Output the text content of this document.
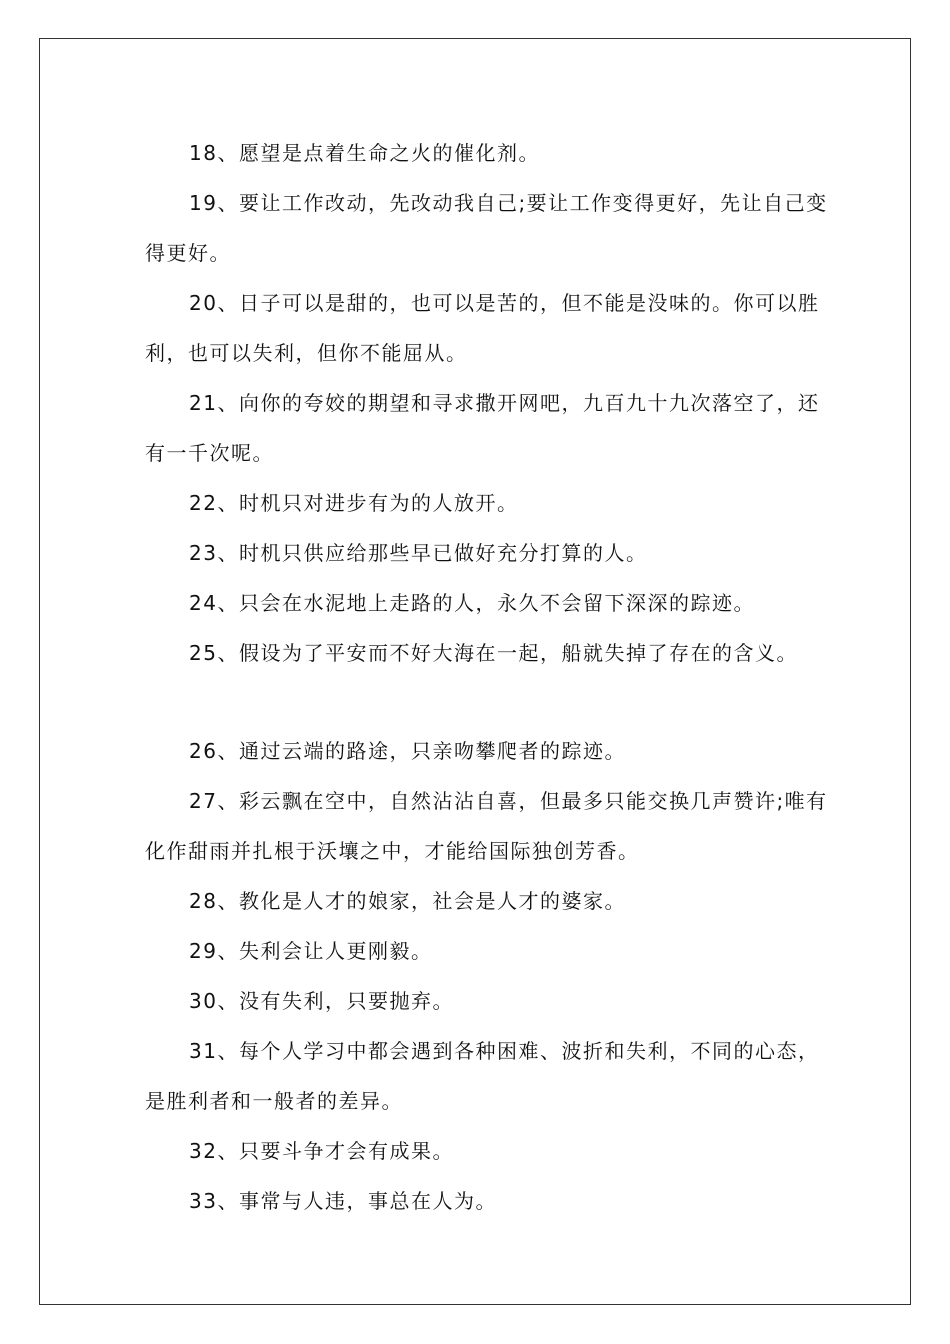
18、愿望是点着生命之火的催化剂。

19、要让工作改动，先改动我自己;要让工作变得更好，先让自己变得更好。

20、日子可以是甜的，也可以是苦的，但不能是没味的。你可以胜利，也可以失利，但你不能屈从。

21、向你的夸姣的期望和寻求撒开网吧，九百九十九次落空了，还有一千次呢。

22、时机只对进步有为的人放开。

23、时机只供应给那些早已做好充分打算的人。

24、只会在水泥地上走路的人，永久不会留下深深的踪迹。

25、假设为了平安而不好大海在一起，船就失掉了存在的含义。

26、通过云端的路途，只亲吻攀爬者的踪迹。

27、彩云飘在空中，自然沾沾自喜，但最多只能交换几声赞许;唯有化作甜雨并扎根于沃壤之中，才能给国际独创芳香。

28、教化是人才的娘家，社会是人才的婆家。

29、失利会让人更刚毅。

30、没有失利，只要抛弃。

31、每个人学习中都会遇到各种困难、波折和失利，不同的心态，是胜利者和一般者的差异。

32、只要斗争才会有成果。

33、事常与人违，事总在人为。
